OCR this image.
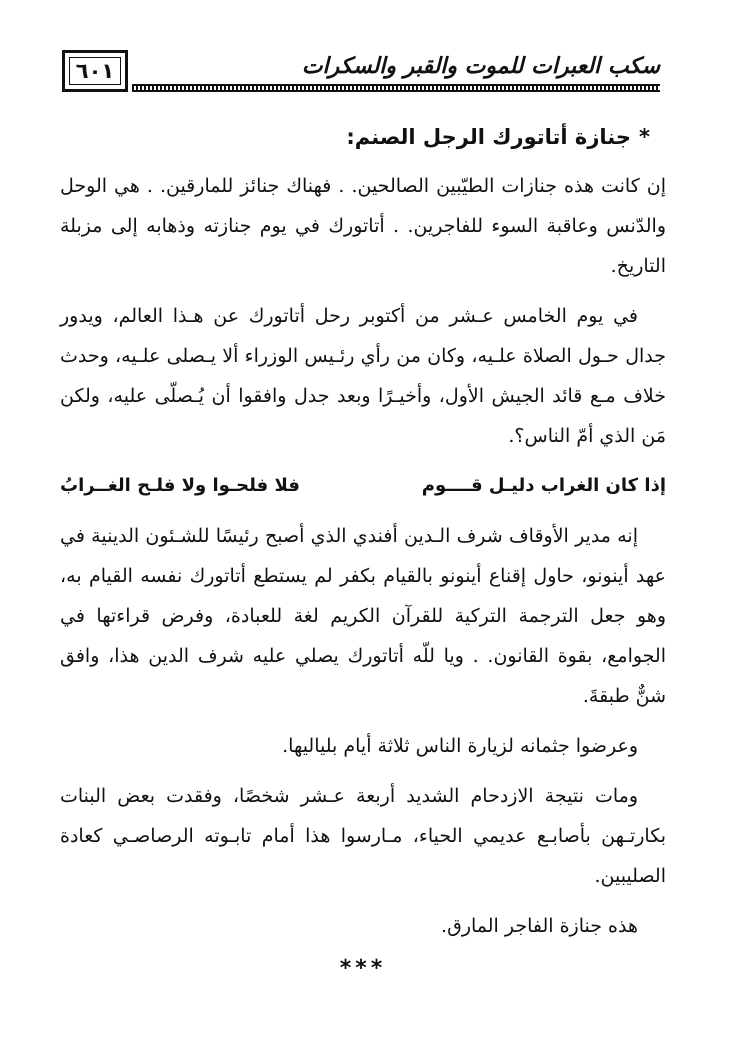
٦٠١	سكب العبرات للموت والقبر والسكرات
*جنازة أتاتورك الرجل الصنم:

إن كانت هذه جنازات الطيّبين الصالحين. . فهناك جنائز للمارقين. . هي الوحل والدّنس وعاقبة السوء للفاجرين. . أتاتورك في يوم جنازته وذهابه إلى مزبلة التاريخ.

في يوم الخامس عـشر من أكتوبر رحل أتاتورك عن هـذا العالم، ويدور جدال حـول الصلاة علـيه، وكان من رأي رئـيس الوزراء ألا يـصلى علـيه، وحدث خلاف مـع قائد الجيش الأول، وأخيـرًا وبعد جدل وافقوا أن يُـصلّى عليه، ولكن مَن الذي أمّ الناس؟.

إذا كان الغراب دليـل قــــوم
فلا فلحـوا ولا فلـح الغــرابُ

إنه مدير الأوقاف شرف الـدين أفندي الذي أصبح رئيسًا للشـئون الدينية في عهد أينونو، حاول إقناع أينونو بالقيام بكفر لم يستطع أتاتورك نفسه القيام به، وهو جعل الترجمة التركية للقرآن الكريم لغة للعبادة، وفرض قراءتها في الجوامع، بقوة القانون. . ويا للّه أتاتورك يصلي عليه شرف الدين هذا، وافق شنٌّ طبقةَ.

وعرضوا جثمانه لزيارة الناس ثلاثة أيام بلياليها.

ومات نتيجة الازدحام الشديد أربعة عـشر شخصًا، وفقدت بعض البنات بكارتـهن بأصابـع عديمي الحياء، مـارسوا هذا أمام تابـوته الرصاصـي كعادة الصليبين.

هذه جنازة الفاجر المارق.

***
